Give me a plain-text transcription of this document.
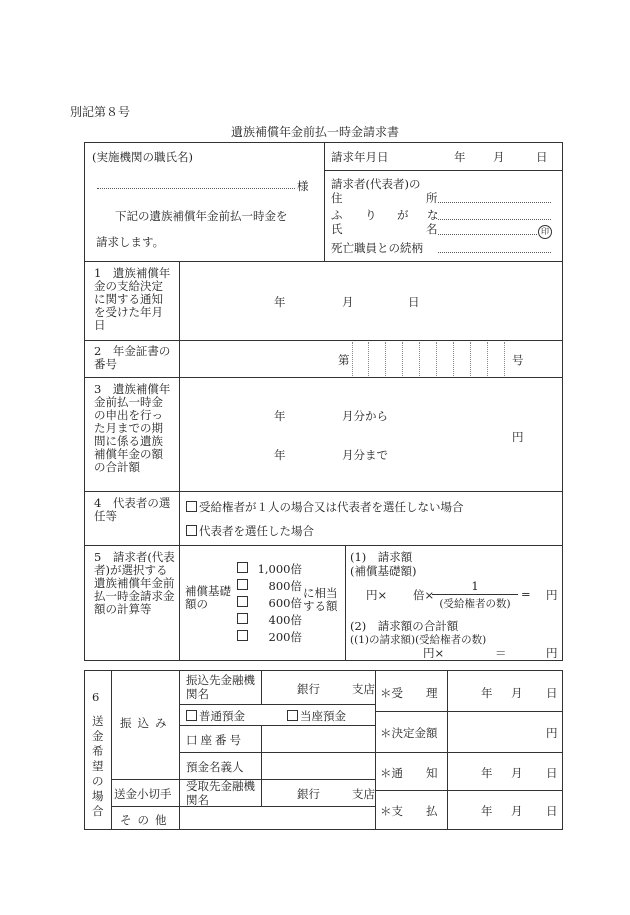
別記第８号
遺族補償年金前払一時金請求書
(実施機関の職氏名)
様
下記の遺族補償年金前払一時金を
請求します。
請求年月日	年 月	日
請求者(代表者)の
住	所
ふ り が な
氏	名	印
死亡職員との続柄
1　遺族補償年金の支給決定に関する通知を受けた年月日
年	月	日
2　年金証書の番号	第	号
3　遺族補償年金前払一時金の申出を行った月までの期間に係る遺族補償年金の額の合計額
年	月分から
円
年	月分まで
4　代表者の選任等
受給権者が１人の場合又は代表者を選任しない場合
代表者を選任した場合
5　請求者(代表者)が選択する遺族補償年金前払一時金請求金額の計算等
補償基礎額の
1,000倍
800倍
600倍
400倍
200倍
に相当する額
(1)　 請求額
(補償基礎額)
円× 倍×
1
(受給権者の数)
= 円
(2)　 請求額の合計額
((1)の請求額)(受給権者の数)
円×	＝	円
6
送金希望の場合
振込み
振込先金融機関名	銀行	支店
普通預金	当座預金
口座番号
預金名義人
送金小切手
受取先金融機関名	銀行	支店
その他
＊受　　理	年 月 日
＊決定金額	円
＊通　　知	年 月 日
＊支　　払	年 月 日
